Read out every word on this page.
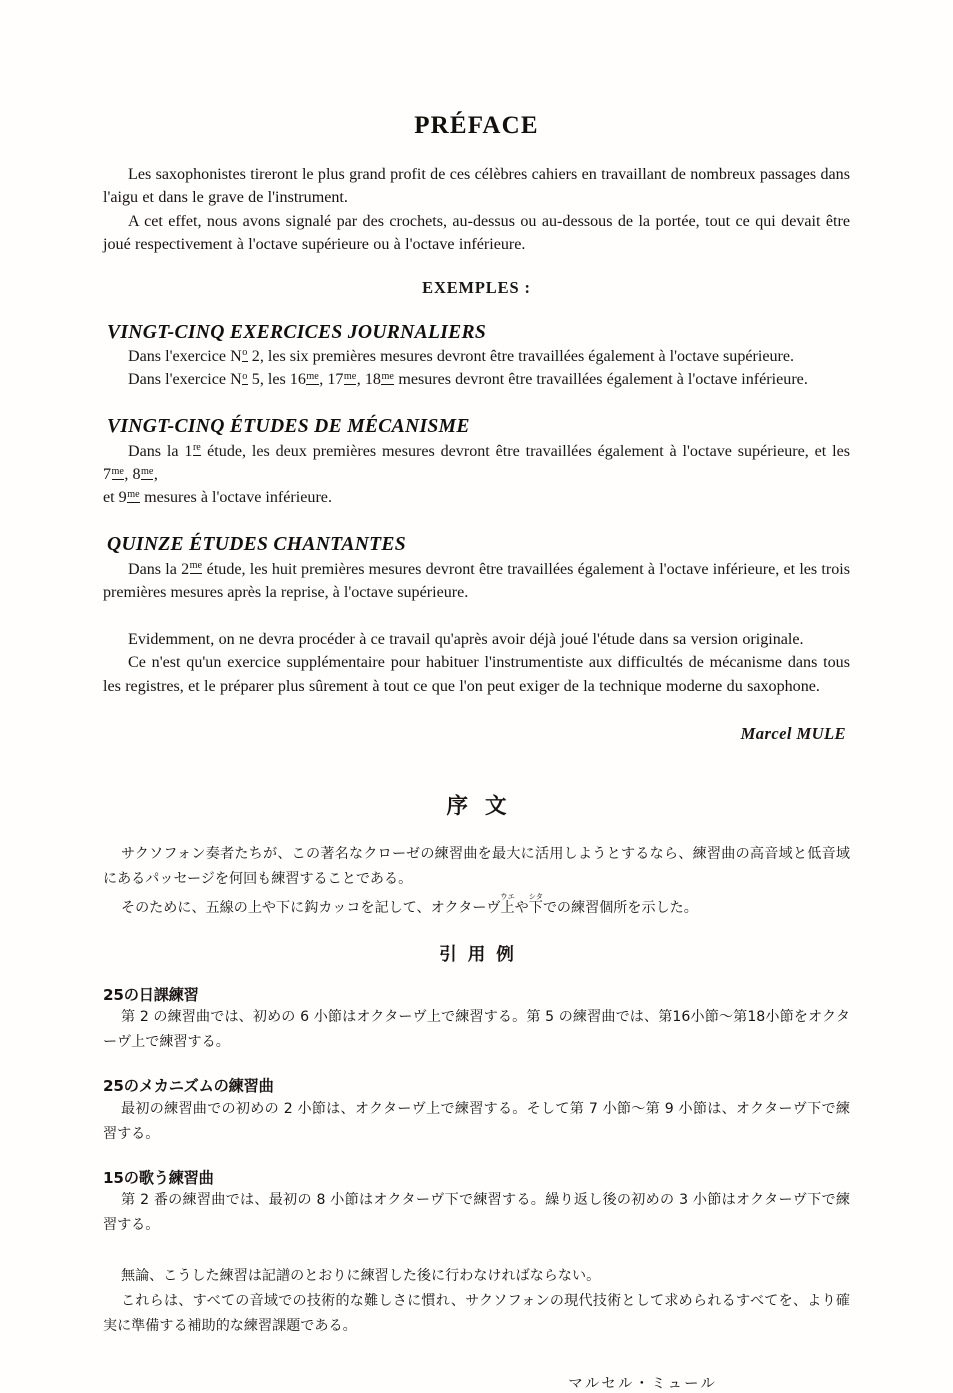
PRÉFACE

Les saxophonistes tireront le plus grand profit de ces célèbres cahiers en travaillant de nombreux passages dans l'aigu et dans le grave de l'instrument.

A cet effet, nous avons signalé par des crochets, au-dessus ou au-dessous de la portée, tout ce qui devait être joué respectivement à l'octave supérieure ou à l'octave inférieure.

EXEMPLES :

VINGT-CINQ EXERCICES JOURNALIERS

Dans l'exercice $N^o$ 2, les six premières mesures devront être travaillées également à l'octave supérieure.

Dans l'exercice $N^o$ 5, les $16^{me}$, $17^{me}$, $18^{me}$ mesures devront être travaillées également à l'octave inférieure.

VINGT-CINQ ÉTUDES DE MÉCANISME

Dans la 1re étude, les deux premières mesures devront être travaillées également à l'octave supérieure, et les $7^{me}$, $8^{me}$,

et $9^{me}$ mesures à l'octave inférieure.

QUINZE ÉTUDES CHANTANTES

Dans la $2^{me}$ étude, les huit premières mesures devront être travaillées également à l'octave inférieure, et les trois premières mesures après la reprise, à l'octave supérieure.

Evidemment, on ne devra procéder à ce travail qu'après avoir déjà joué l'étude dans sa version originale.

Ce n'est qu'un exercice supplémentaire pour habituer l'instrumentiste aux difficultés de mécanisme dans tous les registres, et le préparer plus sûrement à tout ce que l'on peut exiger de la technique moderne du saxophone.

Marcel MULE

序文

サクソフォン奏者たちが、この著名なクローゼの練習曲を最大に活用しようとするなら、練習曲の高音域と低音域にあるパッセージを何回も練習することである。

そのために、五線の上や下に鈎カッコを記して、オクターヴ上ウエや下シタでの練習個所を示した。

引用例
25の日課練習

第 2 の練習曲では、初めの 6 小節はオクターヴ上で練習する。第 5 の練習曲では、第16小節〜第18小節をオクターヴ上で練習する。

25のメカニズムの練習曲

最初の練習曲での初めの 2 小節は、オクターヴ上で練習する。そして第 7 小節〜第 9 小節は、オクターヴ下で練習する。

15の歌う練習曲

第 2 番の練習曲では、最初の 8 小節はオクターヴ下で練習する。繰り返し後の初めの 3 小節はオクターヴ下で練習する。

無論、こうした練習は記譜のとおりに練習した後に行わなければならない。

これらは、すべての音域での技術的な難しさに慣れ、サクソフォンの現代技術として求められるすべてを、より確実に準備する補助的な練習課題である。

マルセル・ミュール
